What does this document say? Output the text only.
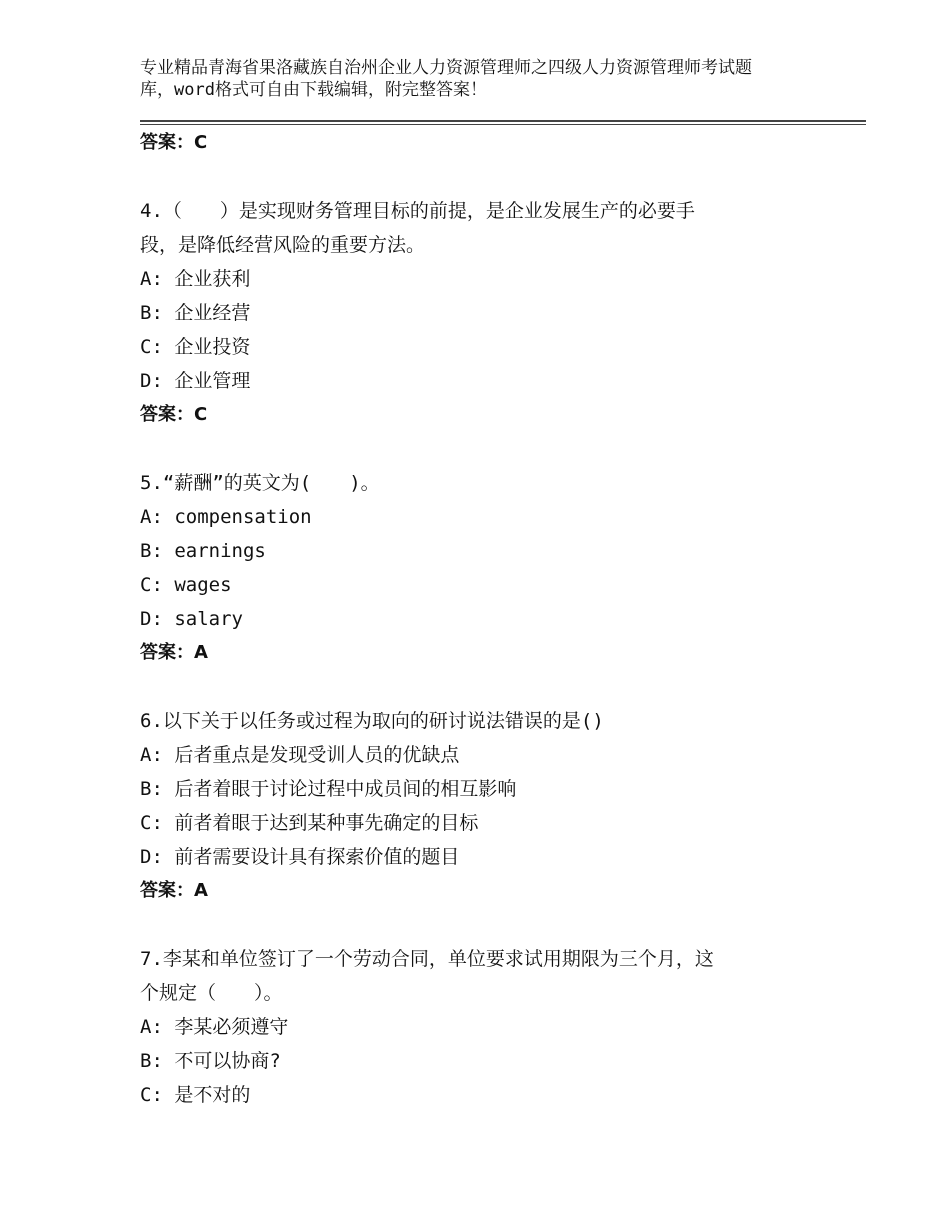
专业精品青海省果洛藏族自治州企业人力资源管理师之四级人力资源管理师考试题
库，word格式可自由下载编辑，附完整答案！
答案：C
4.（　　）是实现财务管理目标的前提，是企业发展生产的必要手
段，是降低经营风险的重要方法。
A: 企业获利
B: 企业经营
C: 企业投资
D: 企业管理
答案：C
5.“薪酬”的英文为(　　)。
A: compensation
B: earnings
C: wages
D: salary
答案：A
6.以下关于以任务或过程为取向的研讨说法错误的是()
A: 后者重点是发现受训人员的优缺点
B: 后者着眼于讨论过程中成员间的相互影响
C: 前者着眼于达到某种事先确定的目标
D: 前者需要设计具有探索价值的题目
答案：A
7.李某和单位签订了一个劳动合同，单位要求试用期限为三个月，这
个规定（　　）。
A: 李某必须遵守
B: 不可以协商?
C: 是不对的
